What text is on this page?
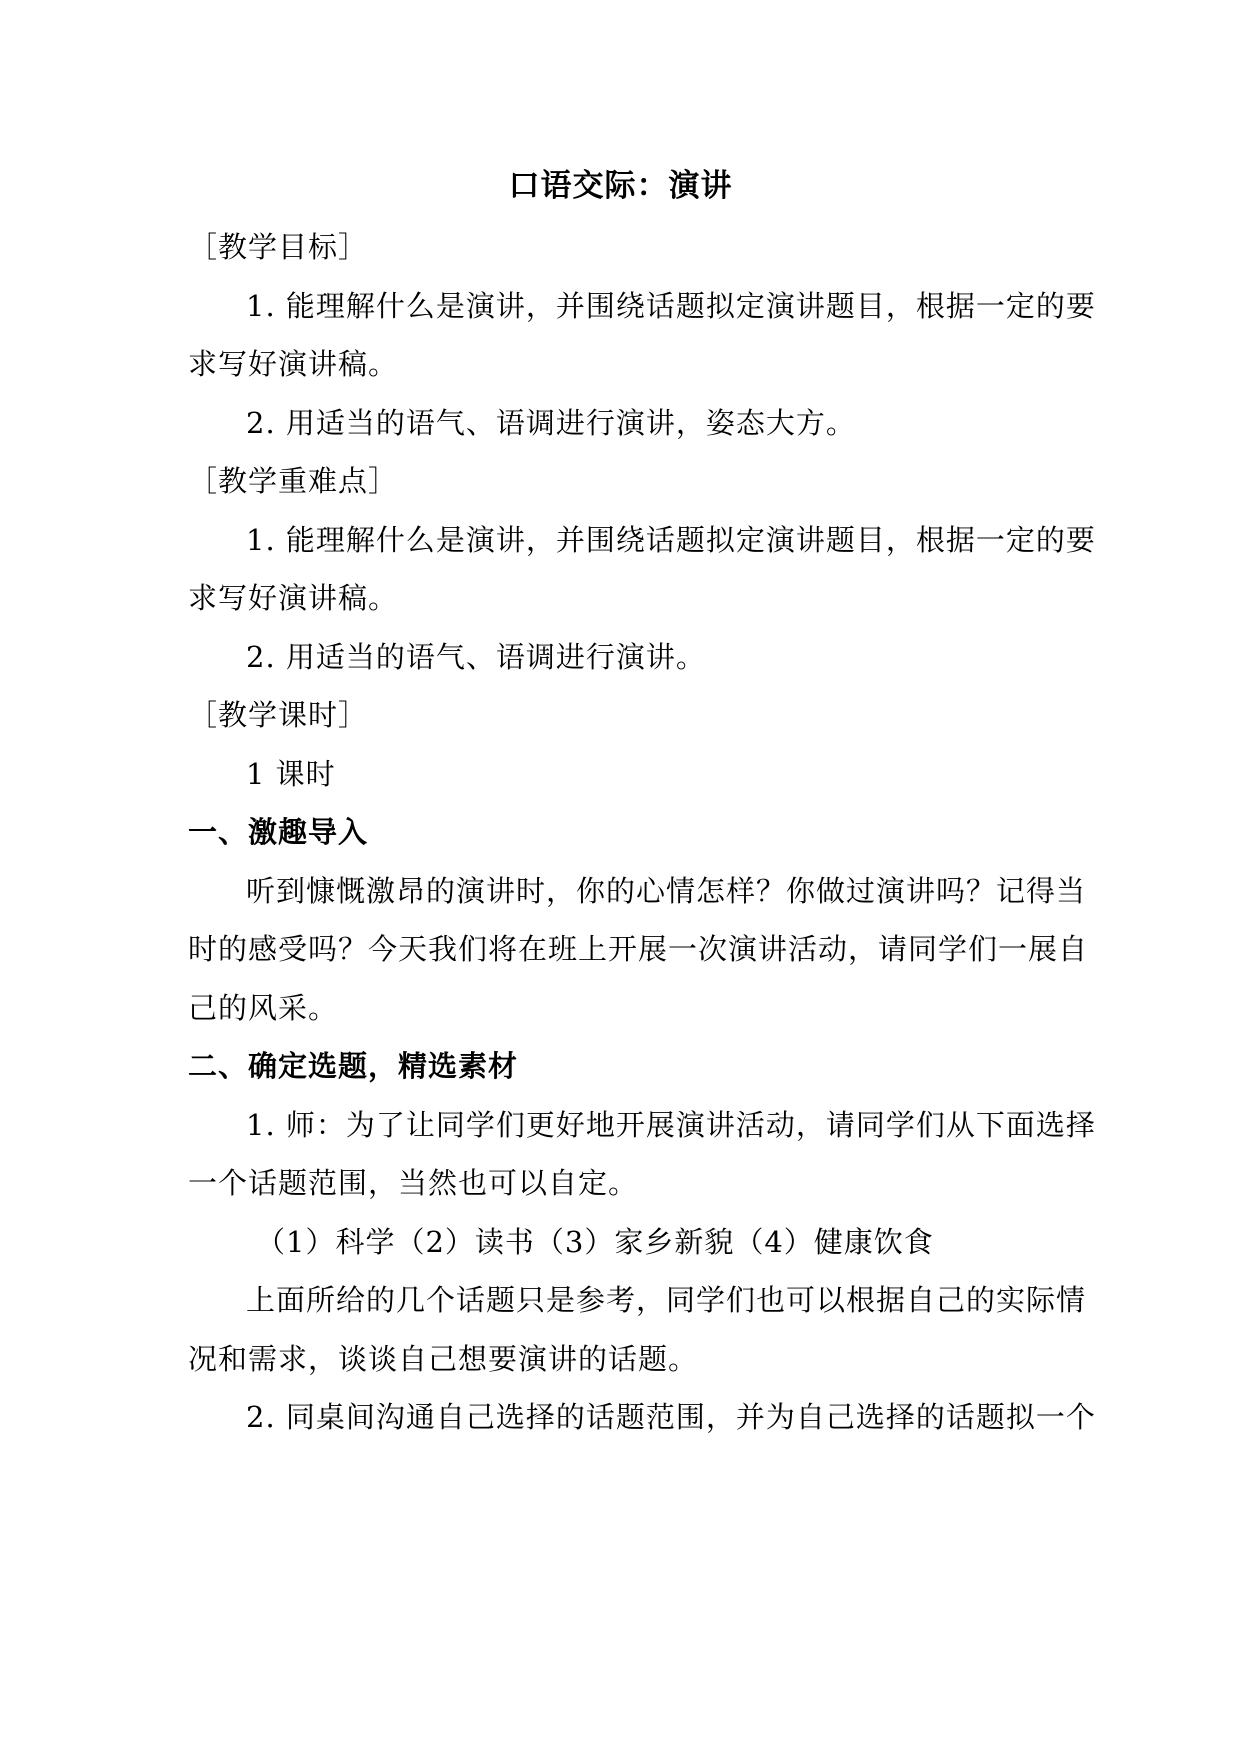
口语交际：演讲
［教学目标］
1. 能理解什么是演讲，并围绕话题拟定演讲题目，根据一定的要
求写好演讲稿。
2. 用适当的语气、语调进行演讲，姿态大方。
［教学重难点］
1. 能理解什么是演讲，并围绕话题拟定演讲题目，根据一定的要
求写好演讲稿。
2. 用适当的语气、语调进行演讲。
［教学课时］
1 课时
一、激趣导入
听到慷慨激昂的演讲时，你的心情怎样？你做过演讲吗？记得当
时的感受吗？今天我们将在班上开展一次演讲活动，请同学们一展自
己的风采。
二、确定选题，精选素材
1. 师：为了让同学们更好地开展演讲活动，请同学们从下面选择
一个话题范围，当然也可以自定。
（1）科学（2）读书（3）家乡新貌（4）健康饮食
上面所给的几个话题只是参考，同学们也可以根据自己的实际情
况和需求，谈谈自己想要演讲的话题。
2. 同桌间沟通自己选择的话题范围，并为自己选择的话题拟一个
